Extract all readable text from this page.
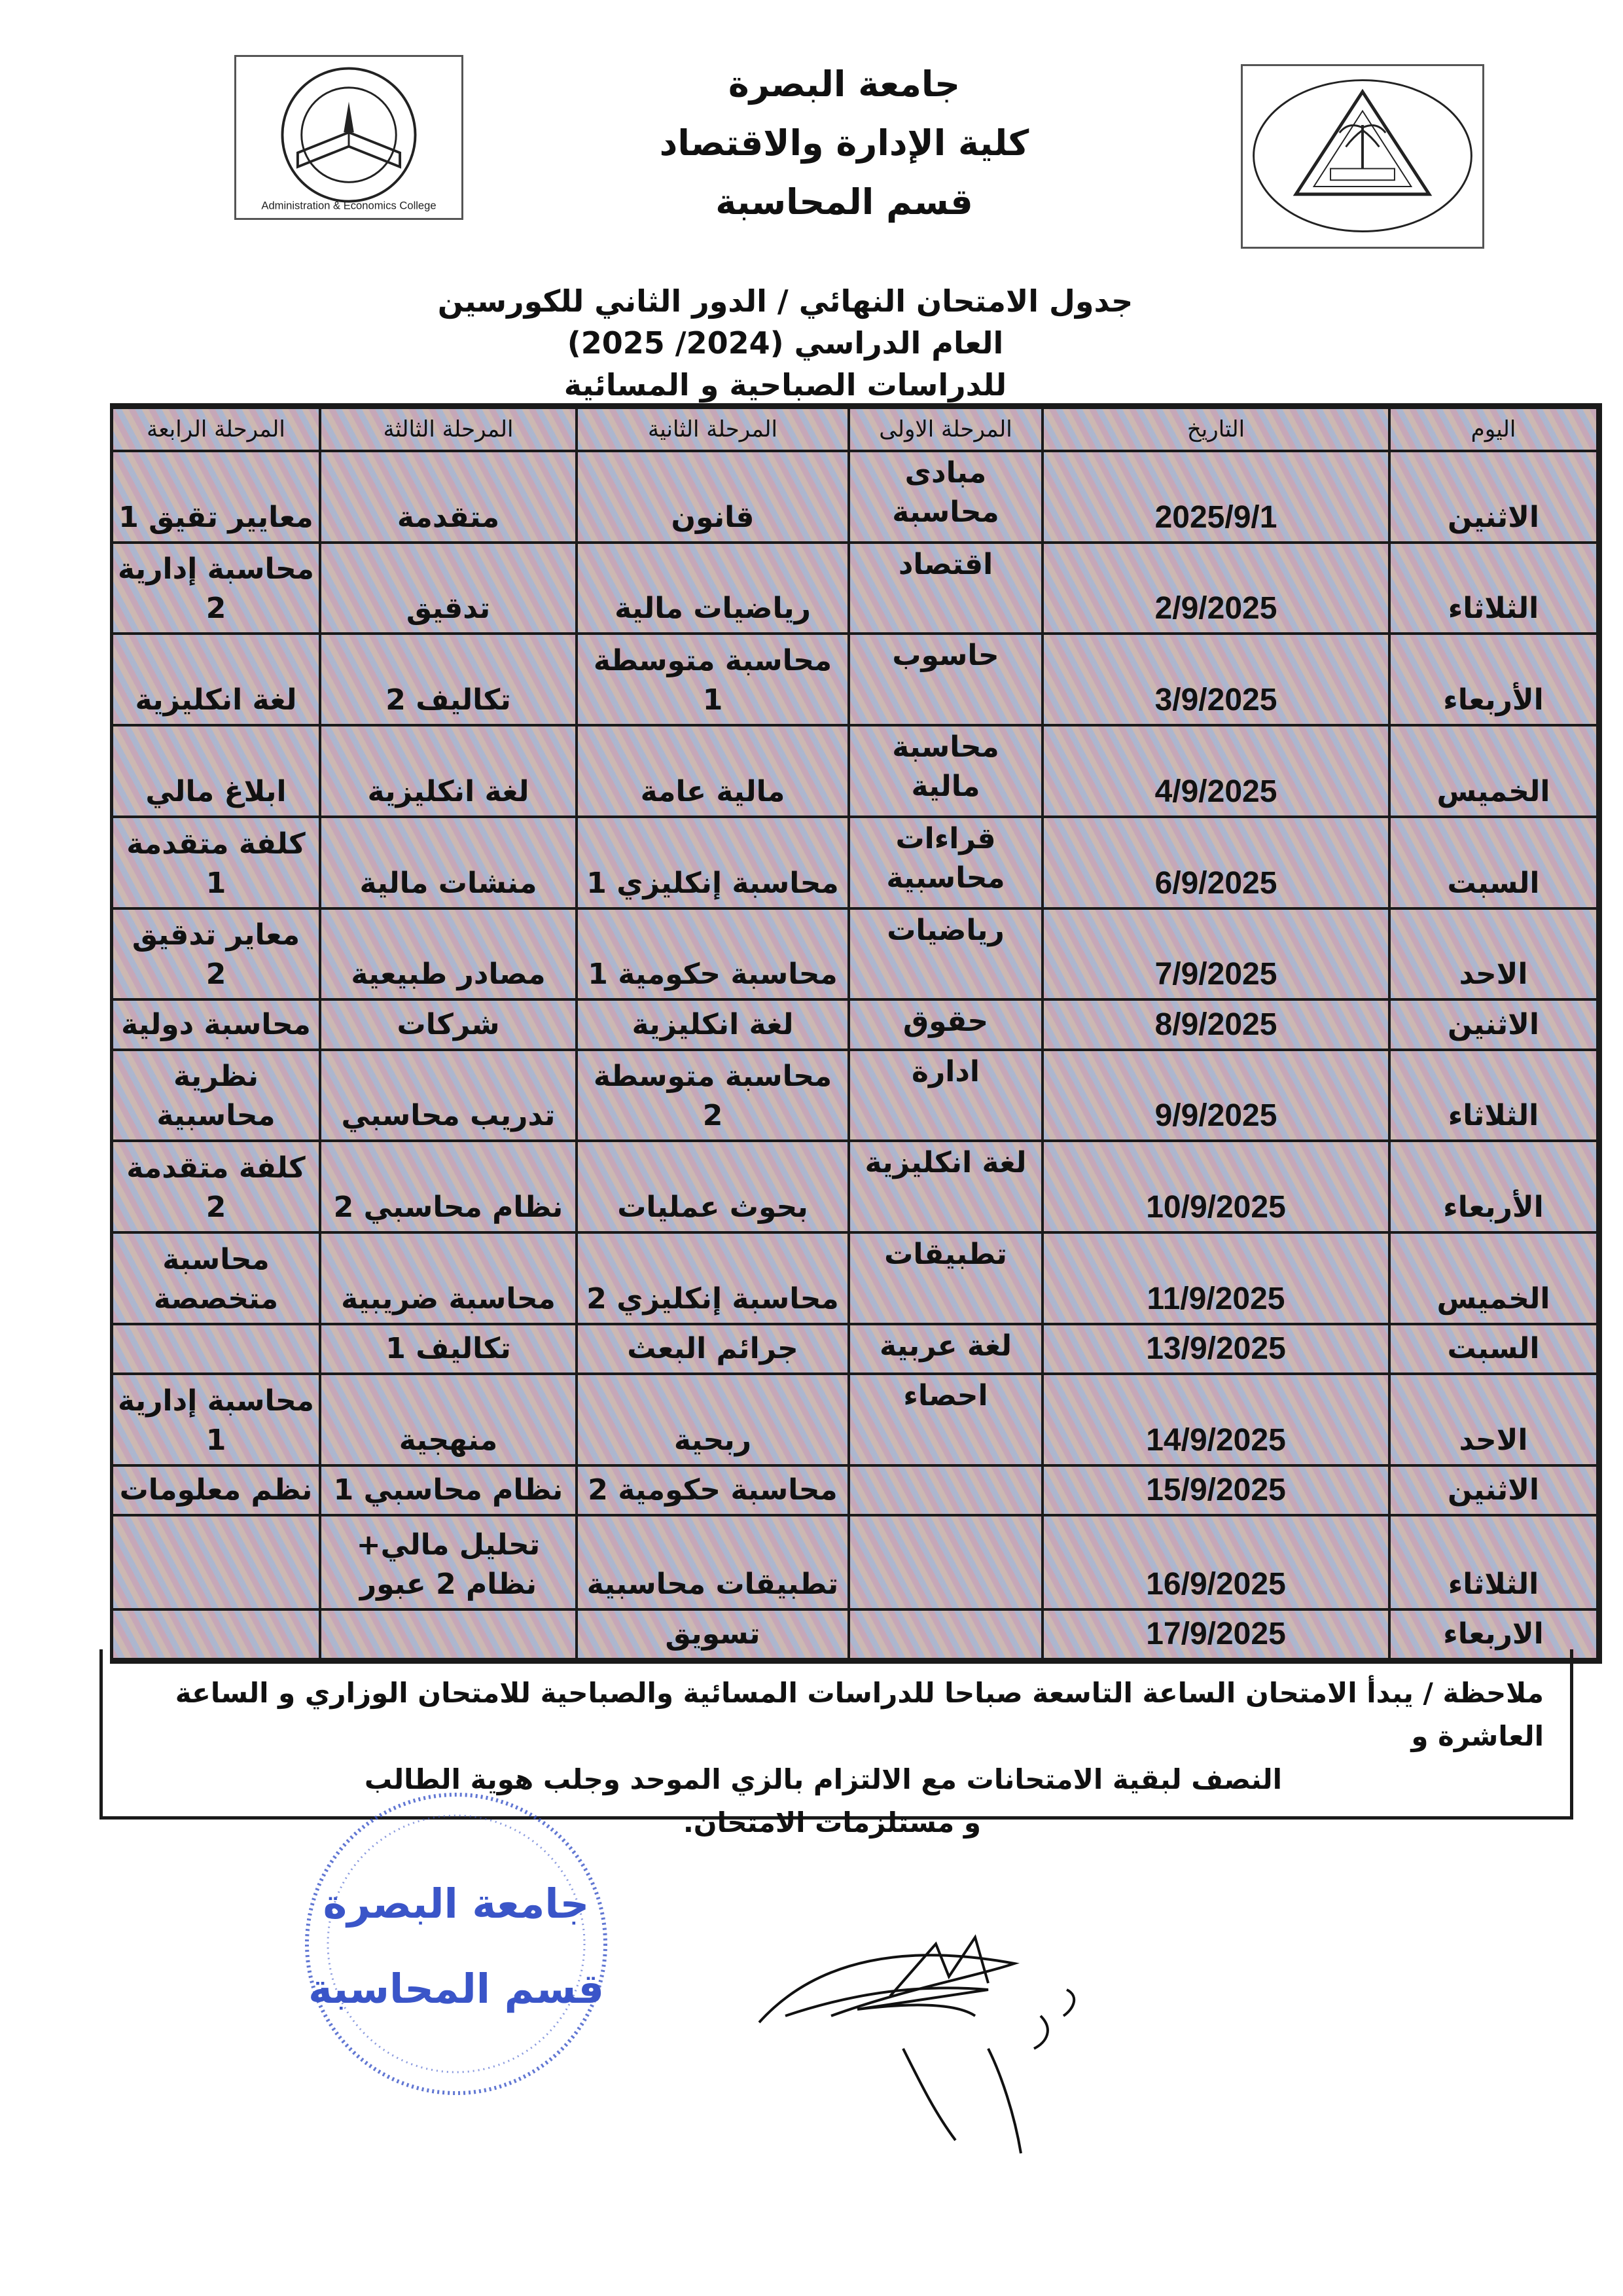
Administration & Economics College
جامعة البصرة
كلية الإدارة والاقتصاد
قسم المحاسبة
جدول الامتحان النهائي / الدور الثاني للكورسين
العام الدراسي (2024/ 2025)
للدراسات الصباحية و المسائية
اليوم	التاريخ	المرحلة الاولى	المرحلة الثانية	المرحلة الثالثة	المرحلة الرابعة
الاثنين	2025/9/1	مبادى محاسبة	قانون	متقدمة	معايير تقيق 1
الثلاثاء	2/9/2025	اقتصاد	رياضيات مالية	تدقيق	محاسبة إدارية 2
الأربعاء	3/9/2025	حاسوب	محاسبة متوسطة 1	تكاليف 2	لغة انكليزية
الخميس	4/9/2025	محاسبة مالية	مالية عامة	لغة انكليزية	ابلاغ مالي
السبت	6/9/2025	قراءات محاسبية	محاسبة إنكليزي 1	منشات مالية	كلفة متقدمة 1
الاحد	7/9/2025	رياضيات	محاسبة حكومية 1	مصادر طبيعية	معاير تدقيق 2
الاثنين	8/9/2025	حقوق	لغة انكليزية	شركات	محاسبة دولية
الثلاثاء	9/9/2025	ادارة	محاسبة متوسطة 2	تدريب محاسبي	نظرية محاسبية
الأربعاء	10/9/2025	لغة انكليزية	بحوث عمليات	نظام محاسبي 2	كلفة متقدمة 2
الخميس	11/9/2025	تطبيقات	محاسبة إنكليزي 2	محاسبة ضريبية	محاسبة متخصصة
السبت	13/9/2025	لغة عربية	جرائم البعث	تكاليف 1	
الاحد	14/9/2025	احصاء	ربحية	منهجية	محاسبة إدارية 1
الاثنين	15/9/2025		محاسبة حكومية 2	نظام محاسبي 1	نظم معلومات
الثلاثاء	16/9/2025		تطبيقات محاسبية	تحليل مالي+ نظام 2 عبور	
الاربعاء	17/9/2025		تسويق		

ملاحظة / يبدأ الامتحان الساعة التاسعة صباحا للدراسات المسائية والصباحية للامتحان الوزاري و الساعة العاشرة و

النصف لبقية الامتحانات مع الالتزام بالزي الموحد وجلب هوية الطالب

و مستلزمات الامتحان.

جامعة البصرة
قسم المحاسبة
